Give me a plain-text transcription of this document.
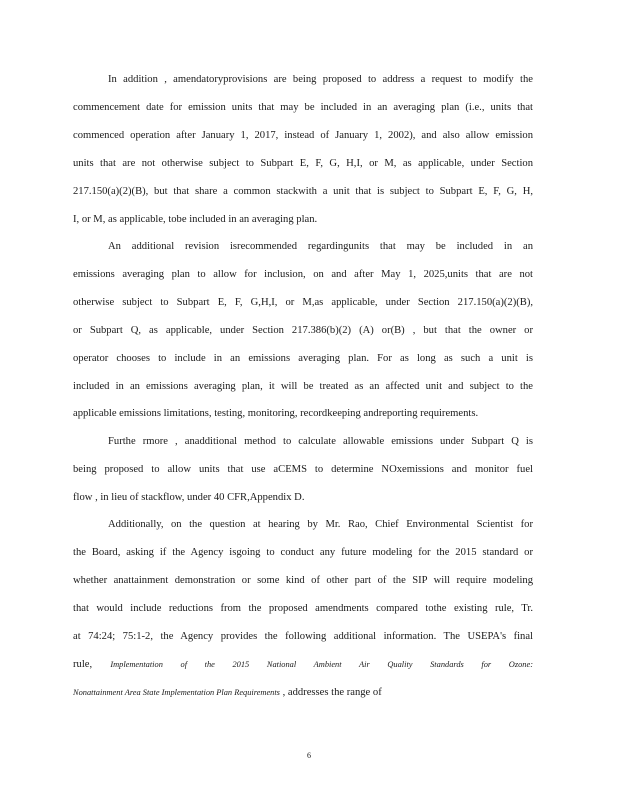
In addition , amendatoryprovisions are being proposed to address a request to modify the
commencement date for emission units that may be included in an averaging plan (i.e., units that
commenced operation after January 1, 2017, instead of January 1, 2002), and also allow emission
units that are not otherwise subject to Subpart E, F, G, H,I, or M, as applicable, under Section
217.150(a)(2)(B), but that share a common stackwith a unit that is subject to Subpart E, F, G, H,
I, or M, as applicable, tobe included in an averaging plan.
An additional revision isrecommended regardingunits that may be included in an
emissions averaging plan to allow for inclusion, on and after May 1, 2025,units that are not
otherwise subject to Subpart E, F, G,H,I, or M,as applicable, under Section 217.150(a)(2)(B),
or Subpart Q, as applicable, under Section 217.386(b)(2) (A) or(B) , but that the owner or
operator chooses to include in an emissions averaging plan. For as long as such a unit is
included in an emissions averaging plan, it will be treated as an affected unit and subject to the
applicable emissions limitations, testing, monitoring, recordkeeping andreporting requirements.
Furthe rmore , anadditional method to calculate allowable emissions under Subpart Q is
being proposed to allow units that use aCEMS to determine NOxemissions and monitor fuel
flow , in lieu of stackflow, under 40 CFR,Appendix D.
Additionally, on the question at hearing by Mr. Rao, Chief Environmental Scientist for
the Board, asking if the Agency isgoing to conduct any future modeling for the 2015 standard or
whether anattainment demonstration or some kind of other part of the SIP will require modeling
that would include reductions from the proposed amendments compared tothe existing rule, Tr.
at 74:24; 75:1-2, the Agency provides the following additional information. The USEPA's final
rule, Implementation of the 2015 National Ambient Air Quality Standards for Ozone:
Nonattainment Area State Implementation Plan Requirements , addresses the range of
6
